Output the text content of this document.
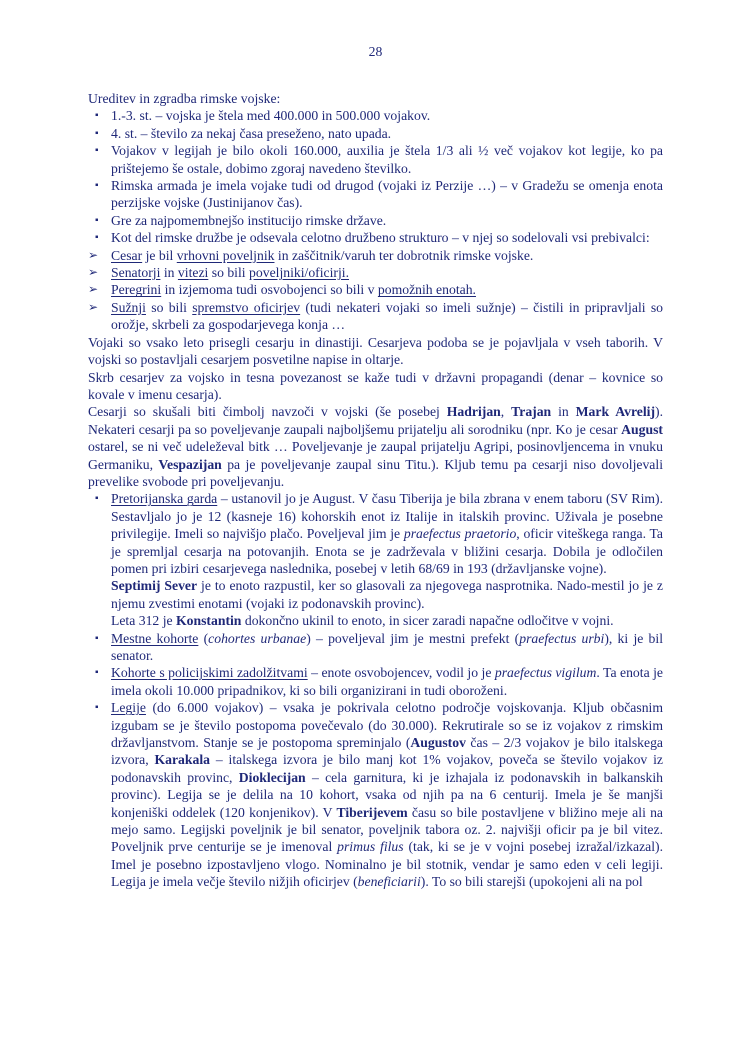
28
Ureditev in zgradba rimske vojske:
▪ 1.-3. st. – vojska je štela med 400.000 in 500.000 vojakov.
▪ 4. st. – število za nekaj časa preseženo, nato upada.
▪ Vojakov v legijah je bilo okoli 160.000, auxilia je štela 1/3 ali ½ več vojakov kot legije, ko pa prištejemo še ostale, dobimo zgoraj navedeno številko.
▪ Rimska armada je imela vojake tudi od drugod (vojaki iz Perzije …) – v Gradežu se omenja enota perzijske vojske (Justinijanov čas).
▪ Gre za najpomembnejšo institucijo rimske države.
▪ Kot del rimske družbe je odsevala celotno družbeno strukturo – v njej so sodelovali vsi prebivalci:
➢ Cesar je bil vrhovni poveljnik in zaščitnik/varuh ter dobrotnik rimske vojske.
➢ Senatorji in vitezi so bili poveljniki/oficirji.
➢ Peregrini in izjemoma tudi osvobojenci so bili v pomožnih enotah.
➢ Sužnji so bili spremstvo oficirjev (tudi nekateri vojaki so imeli sužnje) – čistili in pripravljali so orožje, skrbeli za gospodarjevega konja …
Vojaki so vsako leto prisegli cesarju in dinastiji. Cesarjeva podoba se je pojavljala v vseh taborih. V vojski so postavljali cesarjem posvetilne napise in oltarje.
Skrb cesarjev za vojsko in tesna povezanost se kaže tudi v državni propagandi (denar – kovnice so kovale v imenu cesarja).
Cesarji so skušali biti čimbolj navzoči v vojski (še posebej Hadrijan, Trajan in Mark Avrelij). Nekateri cesarji pa so poveljevanje zaupali najboljšemu prijatelju ali sorodniku (npr. Ko je cesar August ostarel, se ni več udeleževal bitk … Poveljevanje je zaupal prijatelju Agripi, posinovljencema in vnuku Germaniku, Vespazijan pa je poveljevanje zaupal sinu Titu.). Kljub temu pa cesarji niso dovoljevali prevelike svobode pri poveljevanju.
▪ Pretorijanska garda – ustanovil jo je August. V času Tiberija je bila zbrana v enem taboru (SV Rim). Sestavljalo jo je 12 (kasneje 16) kohorskih enot iz Italije in italskih provinc. Uživala je posebne privilegije. Imeli so najvišjo plačo. Poveljeval jim je praefectus praetorio, oficir viteškega ranga. Ta je spremljal cesarja na potovanjih. Enota se je zadrževala v bližini cesarja. Dobila je odločilen pomen pri izbiri cesarjevega naslednika, posebej v letih 68/69 in 193 (državljanske vojne).
Septimij Sever je to enoto razpustil, ker so glasovali za njegovega nasprotnika. Nado-mestil jo je z njemu zvestimi enotami (vojaki iz podonavskih provinc).
Leta 312 je Konstantin dokončno ukinil to enoto, in sicer zaradi napačne odločitve v vojni.
▪ Mestne kohorte (cohortes urbanae) – poveljeval jim je mestni prefekt (praefectus urbi), ki je bil senator.
▪ Kohorte s policijskimi zadolžitvami – enote osvobojencev, vodil jo je praefectus vigilum. Ta enota je imela okoli 10.000 pripadnikov, ki so bili organizirani in tudi oboroženi.
▪ Legije (do 6.000 vojakov) – vsaka je pokrivala celotno področje vojskovanja. Kljub občasnim izgubam se je število postopoma povečevalo (do 30.000). Rekrutirale so se iz vojakov z rimskim državljanstvom. Stanje se je postopoma spreminjalo (Augustov čas – 2/3 vojakov je bilo italskega izvora, Karakala – italskega izvora je bilo manj kot 1% vojakov, poveča se število vojakov iz podonavskih provinc, Dioklecijan – cela garnitura, ki je izhajala iz podonavskih in balkanskih provinc). Legija se je delila na 10 kohort, vsaka od njih pa na 6 centurij. Imela je še manjši konjeniški oddelek (120 konjenikov). V Tiberijevem času so bile postavljene v bližino meje ali na mejo samo. Legijski poveljnik je bil senator, poveljnik tabora oz. 2. najvišji oficir pa je bil vitez. Poveljnik prve centurije se je imenoval primus filus (tak, ki se je v vojni posebej izražal/izkazal). Imel je posebno izpostavljeno vlogo. Nominalno je bil stotnik, vendar je samo eden v celi legiji. Legija je imela večje število nižjih oficirjev (beneficiarii). To so bili starejši (upokojeni ali na pol
